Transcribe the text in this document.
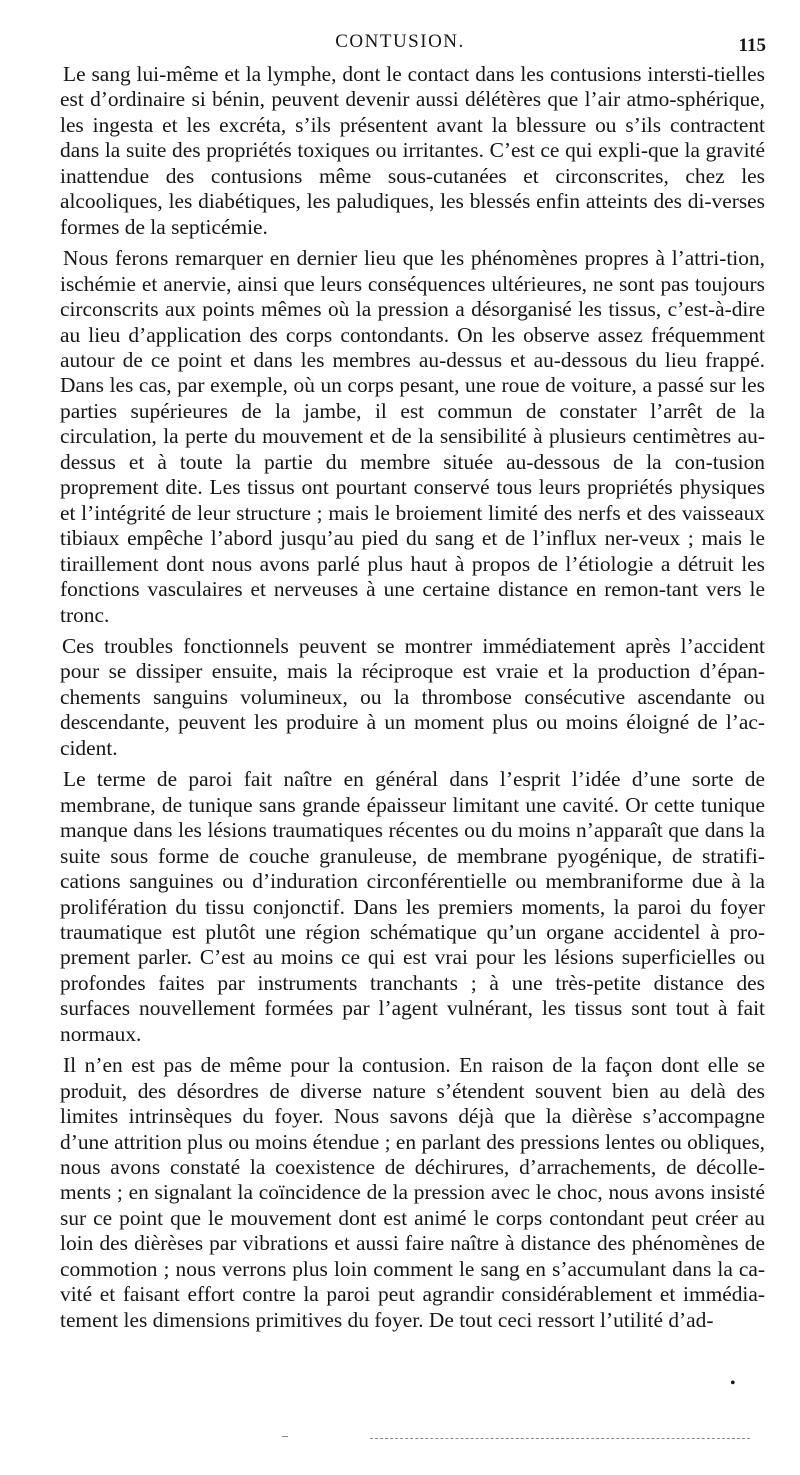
CONTUSION.	115

Le sang lui-même et la lymphe, dont le contact dans les contusions intersti-tielles est d’ordinaire si bénin, peuvent devenir aussi délétères que l’air atmo-sphérique, les ingesta et les excréta, s’ils présentent avant la blessure ou s’ils contractent dans la suite des propriétés toxiques ou irritantes. C’est ce qui expli-que la gravité inattendue des contusions même sous-cutanées et circonscrites, chez les alcooliques, les diabétiques, les paludiques, les blessés enfin atteints des di-verses formes de la septicémie.

Nous ferons remarquer en dernier lieu que les phénomènes propres à l’attri-tion, ischémie et anervie, ainsi que leurs conséquences ultérieures, ne sont pas toujours circonscrits aux points mêmes où la pression a désorganisé les tissus, c’est-à-dire au lieu d’application des corps contondants. On les observe assez fréquemment autour de ce point et dans les membres au-dessus et au-dessous du lieu frappé. Dans les cas, par exemple, où un corps pesant, une roue de voiture, a passé sur les parties supérieures de la jambe, il est commun de constater l’arrêt de la circulation, la perte du mouvement et de la sensibilité à plusieurs centimètres au-dessus et à toute la partie du membre située au-dessous de la con-tusion proprement dite. Les tissus ont pourtant conservé tous leurs propriétés physiques et l’intégrité de leur structure ; mais le broiement limité des nerfs et des vaisseaux tibiaux empêche l’abord jusqu’au pied du sang et de l’influx ner-veux ; mais le tiraillement dont nous avons parlé plus haut à propos de l’étiologie a détruit les fonctions vasculaires et nerveuses à une certaine distance en remon-tant vers le tronc.

Ces troubles fonctionnels peuvent se montrer immédiatement après l’accident pour se dissiper ensuite, mais la réciproque est vraie et la production d’épan-chements sanguins volumineux, ou la thrombose consécutive ascendante ou descendante, peuvent les produire à un moment plus ou moins éloigné de l’ac-cident.

Le terme de paroi fait naître en général dans l’esprit l’idée d’une sorte de membrane, de tunique sans grande épaisseur limitant une cavité. Or cette tunique manque dans les lésions traumatiques récentes ou du moins n’apparaît que dans la suite sous forme de couche granuleuse, de membrane pyogénique, de stratifi-cations sanguines ou d’induration circonférentielle ou membraniforme due à la prolifération du tissu conjonctif. Dans les premiers moments, la paroi du foyer traumatique est plutôt une région schématique qu’un organe accidentel à pro-prement parler. C’est au moins ce qui est vrai pour les lésions superficielles ou profondes faites par instruments tranchants ; à une très-petite distance des surfaces nouvellement formées par l’agent vulnérant, les tissus sont tout à fait normaux.

Il n’en est pas de même pour la contusion. En raison de la façon dont elle se produit, des désordres de diverse nature s’étendent souvent bien au delà des limites intrinsèques du foyer. Nous savons déjà que la dièrèse s’accompagne d’une attrition plus ou moins étendue ; en parlant des pressions lentes ou obliques, nous avons constaté la coexistence de déchirures, d’arrachements, de décolle-ments ; en signalant la coïncidence de la pression avec le choc, nous avons insisté sur ce point que le mouvement dont est animé le corps contondant peut créer au loin des dièrèses par vibrations et aussi faire naître à distance des phénomènes de commotion ; nous verrons plus loin comment le sang en s’accumulant dans la ca-vité et faisant effort contre la paroi peut agrandir considérablement et immédia-tement les dimensions primitives du foyer. De tout ceci ressort l’utilité d’ad-

•
